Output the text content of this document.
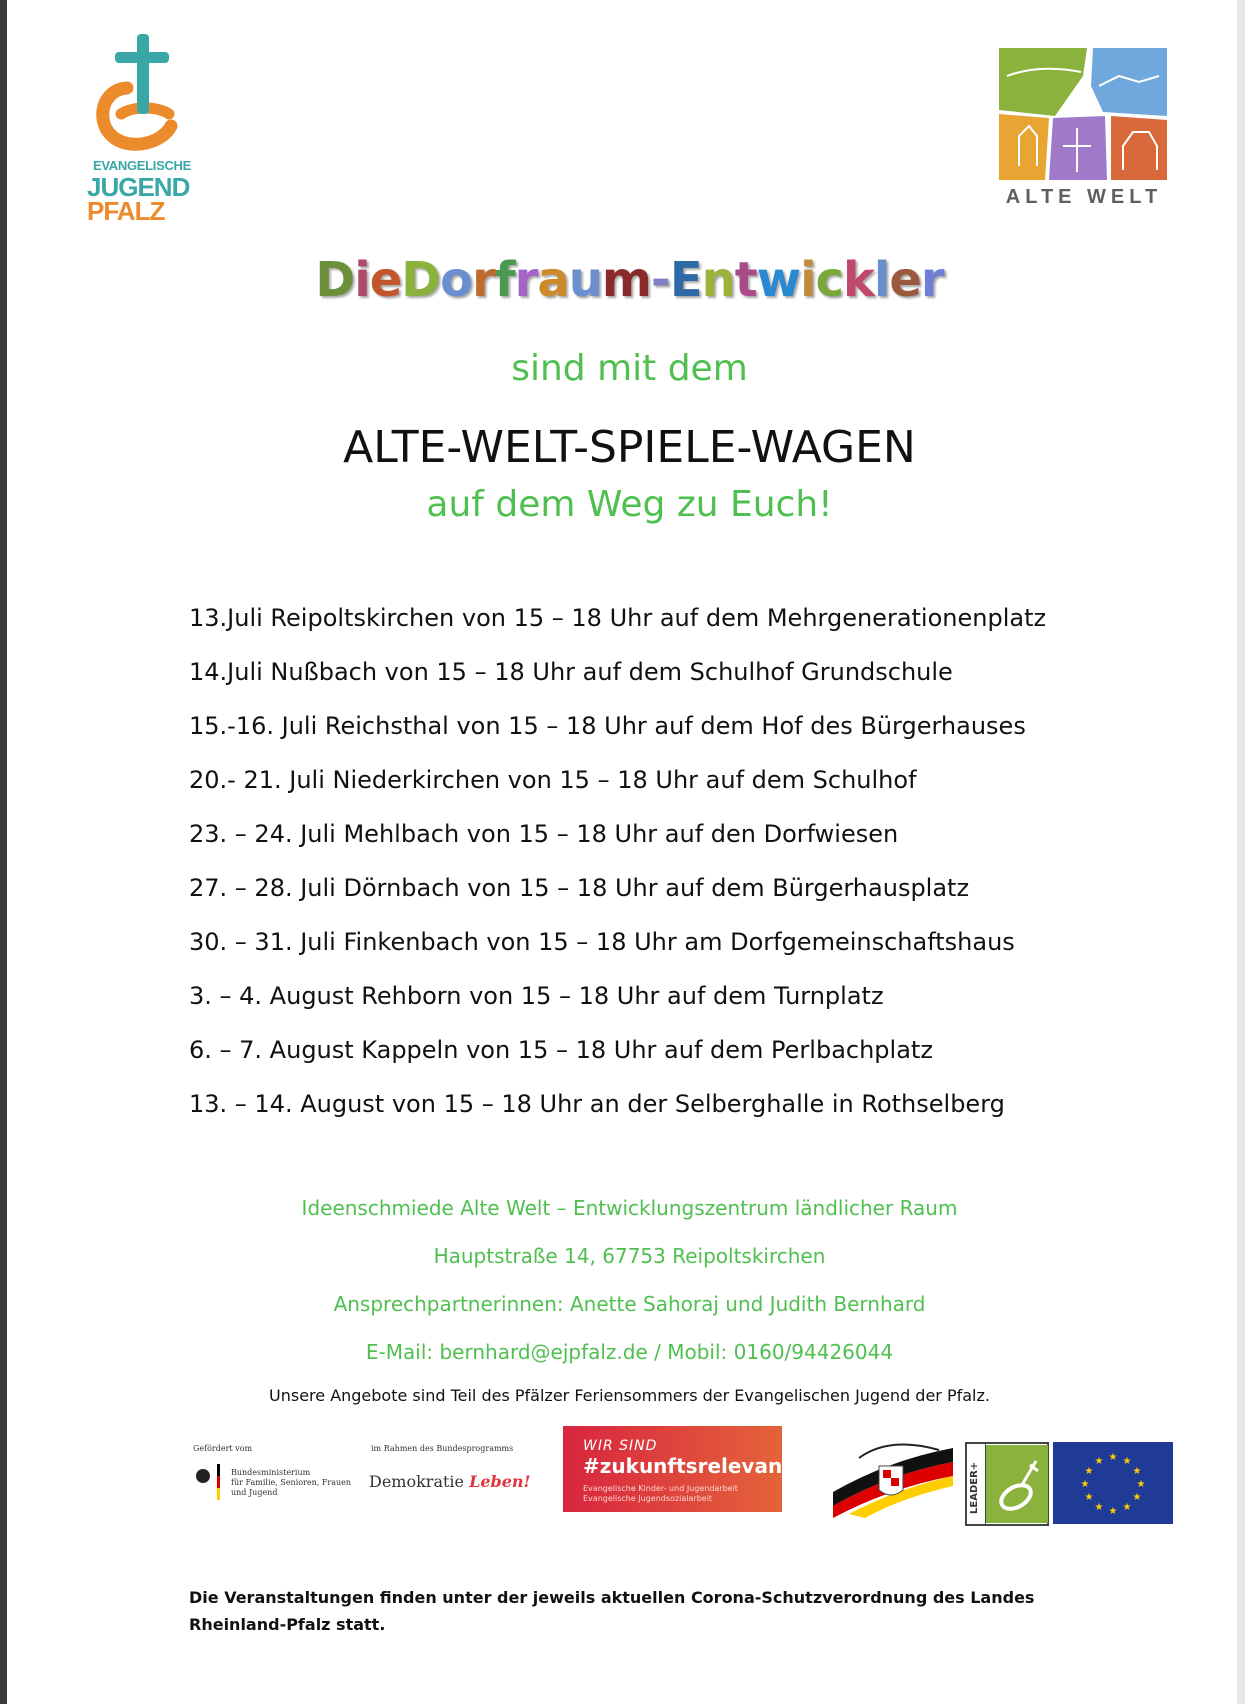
EVANGELISCHE
JUGEND
PFALZ	ALTE WELT
DieDorfraum-Entwickler
sind mit dem
ALTE-WELT-SPIELE-WAGEN
auf dem Weg zu Euch!
13.Juli Reipoltskirchen von 15 – 18 Uhr auf dem Mehrgenerationenplatz
14.Juli Nußbach von 15 – 18 Uhr auf dem Schulhof Grundschule
15.-16. Juli Reichsthal von 15 – 18 Uhr auf dem Hof des Bürgerhauses
20.- 21. Juli Niederkirchen von 15 – 18 Uhr auf dem Schulhof
23. – 24. Juli Mehlbach von 15 – 18 Uhr auf den Dorfwiesen
27. – 28. Juli Dörnbach von 15 – 18 Uhr auf dem Bürgerhausplatz
30. – 31. Juli Finkenbach von 15 – 18 Uhr am Dorfgemeinschaftshaus
3. – 4. August Rehborn von 15 – 18 Uhr auf dem Turnplatz
6. – 7. August Kappeln von 15 – 18 Uhr auf dem Perlbachplatz
13. – 14. August von 15 – 18 Uhr an der Selberghalle in Rothselberg
Ideenschmiede Alte Welt – Entwicklungszentrum ländlicher Raum
Hauptstraße 14, 67753 Reipoltskirchen
Ansprechpartnerinnen: Anette Sahoraj und Judith Bernhard
E-Mail: bernhard@ejpfalz.de / Mobil: 0160/94426044
Unsere Angebote sind Teil des Pfälzer Feriensommers der Evangelischen Jugend der Pfalz.
Gefördert vom
Bundesministerium
für Familie, Senioren, Frauen
und Jugend
im Rahmen des Bundesprogramms
Demokratie Leben!
WIR SIND
#zukunftsrelevant
Evangelische Kinder- und Jugendarbeit
Evangelische Jugendsozialarbeit	LEADER+
★ ★
★
★
★
★
★
★
★
★
★
★
Die Veranstaltungen finden unter der jeweils aktuellen Corona-Schutzverordnung des Landes Rheinland-Pfalz statt.
